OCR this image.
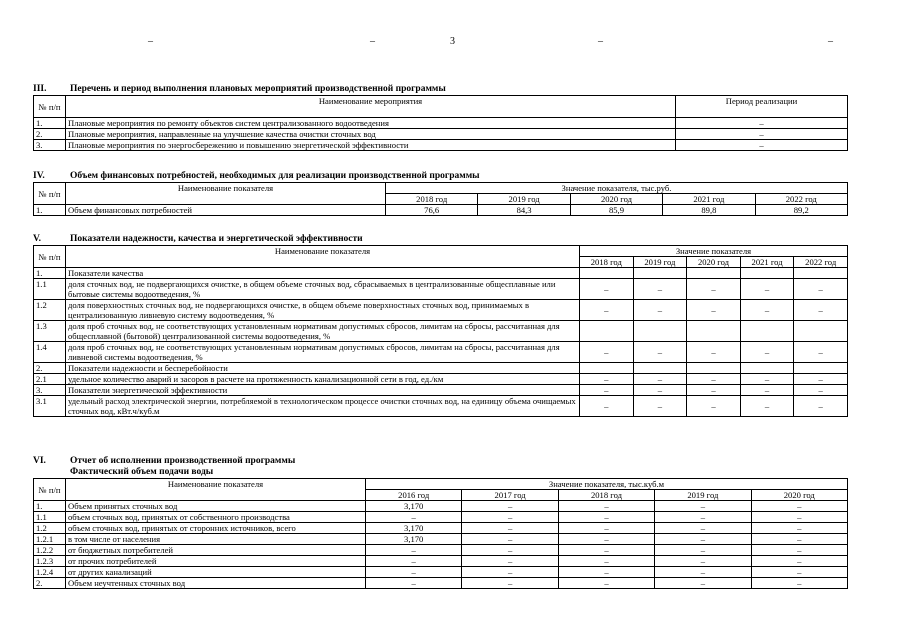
3
–	–	–	–
III. Перечень и период выполнения плановых мероприятий производственной программы
№ п/п	Наименование мероприятия	Период реализации
1.	Плановые мероприятия по ремонту объектов систем централизованного водоотведения	–
2.	Плановые мероприятия, направленные на улучшение качества очистки сточных вод	–
3.	Плановые мероприятия по энергосбережению и повышению энергетической эффективности	–
IV.	Объем финансовых потребностей, необходимых для реализации производственной программы
№ п/п	Наименование показателя	Значение показателя, тыс.руб.				
		2018 год	2019 год	2020 год	2021 год	2022 год
1.	Объем финансовых потребностей	76,6	84,3	85,9	89,8	89,2
V.	Показатели надежности, качества и энергетической эффективности
№ п/п	Наименование показателя	Значение показателя				
		2018 год	2019 год	2020 год	2021 год	2022 год
1.	Показатели качества					
1.1	доля сточных вод, не подвергающихся очистке, в общем объеме сточных вод, сбрасываемых в централизованные общесплавные или бытовые системы водоотведения, %	–	–	–	–	–
1.2	доля поверхностных сточных вод, не подвергающихся очистке, в общем объеме поверхностных сточных вод, принимаемых в централизованную ливневую систему водоотведения, %	–	–	–	–	–
1.3	доля проб сточных вод, не соответствующих установленным нормативам допустимых сбросов, лимитам на сбросы, рассчитанная для общесплавной (бытовой) централизованной системы водоотведения, %					
1.4	доля проб сточных вод, не соответствующих установленным нормативам допустимых сбросов, лимитам на сбросы, рассчитанная для ливневой системы водоотведения, %	–	–	–	–	–
2.	Показатели надежности и бесперебойности					
2.1	удельное количество аварий и засоров в расчете на протяженность канализационной сети в год, ед./км	–	–	–	–	–
3.	Показатели энергетической эффективности	–	–	–	–	–
3.1	удельный расход электрической энергии, потребляемой в технологическом процессе очистки сточных вод, на единицу объема очищаемых сточных вод, кВт.ч/куб.м	–	–	–	–	–
VI.	Отчет об исполнении производственной программы
Фактический объем подачи воды
№ п/п	Наименование показателя	Значение показателя, тыс.куб.м				
		2016 год	2017 год	2018 год	2019 год	2020 год
1.	Объем принятых сточных вод	3,170	–	–	–	–
1.1	объем сточных вод, принятых от собственного производства	–	–	–	–	–
1.2	объем сточных вод, принятых от сторонних источников, всего	3,170	–	–	–	–
1.2.1	в том числе от населения	3,170	–	–	–	–
1.2.2	от бюджетных потребителей	–	–	–	–	–
1.2.3	от прочих потребителей	–	–	–	–	–
1.2.4	от других канализаций	–	–	–	–	–
2.	Объем неучтенных сточных вод	–	–	–	–	–
